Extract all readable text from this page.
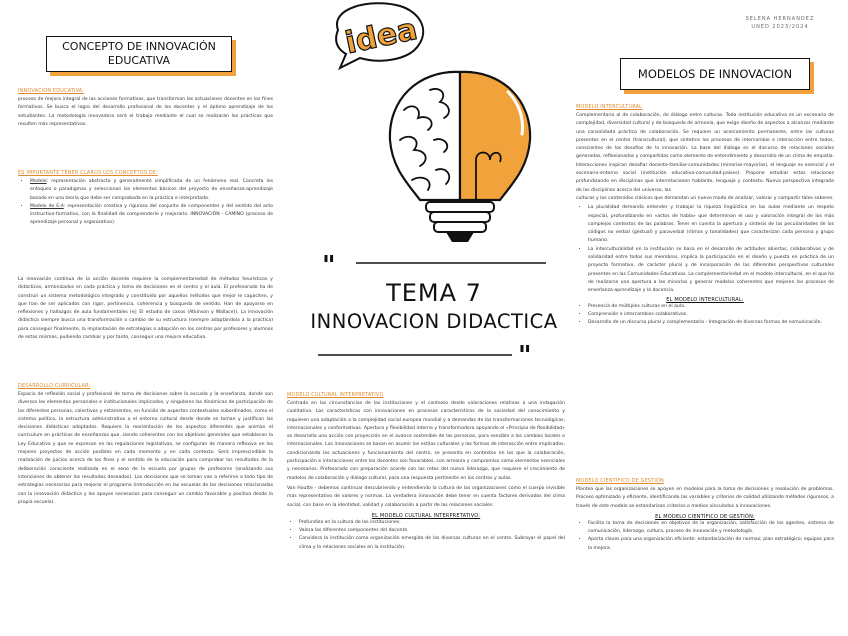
SELENA HERNANDEZ
UNED 2023/2024
CONCEPTO DE INNOVACIÓN
EDUCATIVA

INNOVACIÓN EDUCATIVA:

proceso de mejora integral de las acciones formativas, que transforman las actuaciones docentes en los fines formativos. Se busca el logro del desarrollo profesional de los docentes y el óptimo aprendizaje de los estudiantes. La metodología innovadora será el trabajo mediante el cual se realizarán las prácticas que resulten más representativas.

ES IMPORTANTE TENER CLAROS LOS CONCEPTOS DE:

• Modelo: representación abstracta y generalmente simplificada de un fenómeno real. Concreta los enfoques o paradigmas y seleccionan los elementos básicos del proyecto de enseñanza-aprendizaje basado en una teoría que debe ser comprobada en la práctica e interpretada.
• Modelo de E-A: representación creativa y rigurosa del conjunto de componentes y del sentido del acto instructivo-formativo, con la finalidad de comprenderlo y mejorarlo. INNOVACIÓN - CAMINO (proceso de aprendizaje personal y organizativo).

La innovación continua de la acción docente requiere la complementariedad de métodos heurísticos y didácticos, armonizados en cada práctica y toma de decisiones en el centro y el aula. El profesorado ha de construir un sistema metodológico integrado y constituido por aquellos métodos que mejor le capaciten, y que han de ser aplicados con rigor, pertinencia, coherencia y búsqueda de sentido. Han de apoyarse en reflexiones y hallazgos de aula fundamentales (ej: El estudio de casos (Atkinson y Wallace)). La innovación didáctica siempre busca una transformación o cambio de su estructura (siempre adaptándola a la práctica) para conseguir finalmente, la implantación de estrategias o adopción en los centros por profesores y alumnos de estas mismas, pudiendo cambiar y por tanto, conseguir una mejora educativa.

DESARROLLO CURRICULAR:

Espacio de reflexión social y profesional de toma de decisiones sobre la escuela y la enseñanza, donde son diversos los elementos personales e institucionales implicados, y singulares las dinámicas de participación de las diferentes personas, colectivos y estamentos, en función de aspectos contextuales subordinados, como el sistema político, la estructura administrativa o el entorno cultural desde donde se toman y justifican las decisiones didácticas adoptadas. Requiere la reorientación de los aspectos diferentes que animan el currículum en prácticas de enseñanzas que, siendo coherentes con los objetivos generales que establecen la Ley Educativa y que se expresan en las regulaciones legislativas, se configuran de manera reflexiva en los mejores proyectos de acción posibles en cada momento y en cada contexto. Será imprescindible la realización de juicios acerca de los fines y el sentido de la educación para comprobar los resultados de la deliberación consciente realizada en el seno de la escuela por grupos de profesores (analizando sus intenciones de obtener los resultados deseados). Las decisiones que se toman van a referirse a todo tipo de estrategias necesarias para mejorar el programa (introducción en las escuelas de las decisiones relacionadas con la innovación didáctica y los apoyos necesarios para conseguir un cambio favorable y positivo desde la propia escuela).

idea
"
"
TEMA 7
INNOVACION DIDACTICA

MODELO CULTURAL INTERPRETATIVO

Centrado en las circunstancias de las instituciones y el contexto desde valoraciones relativas a una indagación cualitativa. Las características con innovaciones en procesos característicos de la sociedad del conocimiento y requieren una adaptación a la complejidad social europea mundial y a demandas de las transformaciones tecnológicas, internacionales y conformativas. Apertura y flexibilidad interna y transformadora apoyando el «Principio de flexibilidad» se desarrolla una acción con proyección en el avance sostenible de las personas, para sensible a los cambios locales e internacionales. Las innovaciones se basan en asumir los estilos culturales y las formas de interacción entre implicados, condicionando las actuaciones y funcionamiento del centro, se presenta en contextos en los que la colaboración, participación e interacciones entre los docentes son favorables, con armonía y compromiso como elementos esenciales y necesarios. Profesorado con preparación acorde con las retos del nuevo liderazgo, que requiere el crecimiento de modelos de colaboración y diálogo cultural, para una respuesta pertinente en los centros y aulas.

Van Houtte - debemos continuar descubriendo y entendiendo la cultura de las organizaciones como el cuerpo invisible más representativo de valores y normas. La verdadera innovación debe tener en cuenta factores derivados del clima social, con base en la identidad, validad y colaboración a partir de las relaciones sociales.

EL MODELO CULTURAL INTERPRETATIVO:

• Profundiza en la cultura de las instituciones.
• Valora las diferentes componentes del docente.
• Considera la institución como organización emergida de las diversas culturas en el centro. Subrayar el papel del clima y la relaciones sociales en la institución.
MODELOS DE INNOVACION

MODELO INTERCULTURAL

Complementario al de colaboración, de diálogo entre culturas. Toda institución educativa es un escenario de complejidad, diversidad cultural y de búsqueda de armonía, que exige diseño de aspectos a alcanzar mediante una consolidada práctica de colaboración. Se requiere un acercamiento permanente, entre las culturas presentes en el centro (transcultural), que sintetice los procesos de intercambio e interacción entre todos, conscientes de los desafíos de la innovación. La base del diálogo es el discurso de relaciones sociales generadas, reflexionadas y compartidas como elemento de entendimiento y desarrollo de un clima de empatía. Interacciones inspiran desafiar docente-familiar-comunidades (minorías-mayorías), el lenguaje es esencial y el escenario-entorno social (institución educativa-comunidad-países). Propone estudiar estas relaciones profundizando en disciplinas que interrelacionen hablante, lenguaje y contexto. Nueva perspectiva integrada de las disciplinas acerca del universo, las

culturas y los contenidos clásicos que demandan un nuevo modo de analizar, valorar y compartir tales saberes.

• La pluralidad demanda entender y trabajar la riqueza lingüística en las aulas mediante un respeto especial, profundizando en «actos de habla» que determinan el uso y valoración integral de los más complejos contextos de las palabras. Tener en cuenta la apertura y síntesis de las peculiaridades de los códigos no verbal (gestual) y paraverbal (ritmos y tonalidades) que caracterizan cada persona y grupo humano.
• La interculturalidad en la institución se basa en el desarrollo de actitudes abiertas, colaborativas y de solidaridad entre todos sus miembros, implica la participación en el diseño y puesta en práctica de un proyecto formativo, de carácter plural y de incorporación de las diferentes perspectivas culturales presentes en las Comunidades Educativas. La complementariedad en el modelo intercultural, en el que ha de realizarse una apertura a las minorías y generar modelos coherentes que mejoren los procesos de enseñanza-aprendizaje y la docencia.

EL MODELO INTERCULTURAL:

• Presencia de múltiples culturas en el aula.
• Comprensión e intercambios colaborativos.
• Desarrollo de un discurso plural y complementario - Integración de diversas formas de comunicación.

MODELO CIENTÍFICO DE GESTIÓN

Plantea que las organizaciones se apoyen en modelos para la toma de decisiones y resolución de problemas. Proceso optimizado y eficiente, identificando las variables y criterios de calidad utilizando métodos rigurosos, a través de este modelo se estandarizan criterios o medios vinculados a innovaciones.

EL MODELO CIENTÍFICO DE GESTIÓN:

• Facilita la toma de decisiones en objetivos de la organización, satisfacción de los agentes, sistema de comunicación, liderazgo, cultura, proceso de innovación y metodología.
• Aporta claves para una organización eficiente: estandarización de normas; plan estratégico; equipos para la mejora.
